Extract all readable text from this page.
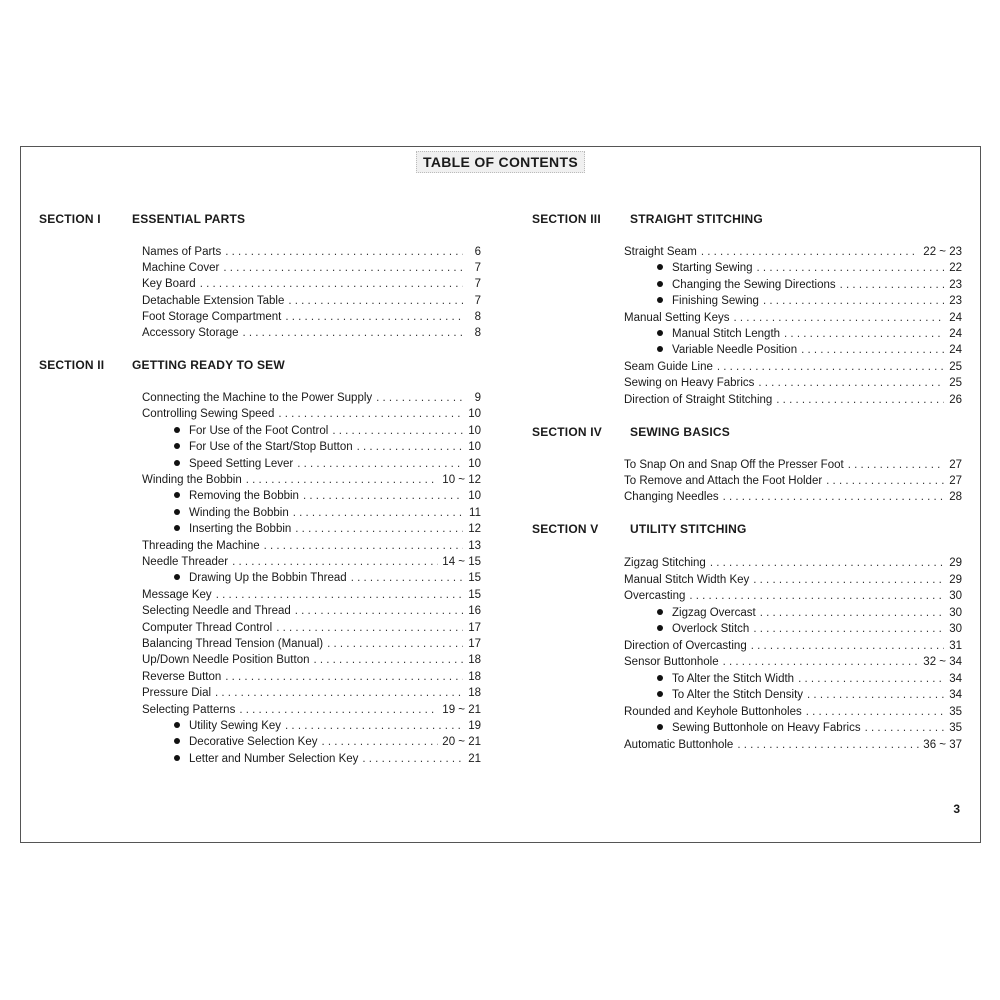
TABLE OF CONTENTS
SECTION I	ESSENTIAL PARTS
Names of Parts . . .	6
Machine Cover . . .	7
Key Board . . .	7
Detachable Extension Table . . .	7
Foot Storage Compartment . . .	8
Accessory Storage . . .	8
SECTION II GETTING READY TO SEW
Connecting the Machine to the Power Supply . . .	9
Controlling Sewing Speed . . .	10
For Use of the Foot Control . . .	10
For Use of the Start/Stop Button . . .	10
Speed Setting Lever . . .	10
Winding the Bobbin . . .	10 ~ 12
Removing the Bobbin . . .	10
Winding the Bobbin . . .	11
Inserting the Bobbin . . .	12
Threading the Machine . . .	13
Needle Threader . . .	14 ~ 15
Drawing Up the Bobbin Thread . . .	15
Message Key . . .	15
Selecting Needle and Thread . . .	16
Computer Thread Control . . .	17
Balancing Thread Tension (Manual) . . .	17
Up/Down Needle Position Button . . .	18
Reverse Button . . .	18
Pressure Dial . . .	18
Selecting Patterns . . .	19 ~ 21
Utility Sewing Key . . .	19
Decorative Selection Key . . .	20 ~ 21
Letter and Number Selection Key . . .	21
SECTION III STRAIGHT STITCHING
Straight Seam . . .	22 ~ 23
Starting Sewing . . .	22
Changing the Sewing Directions . . .	23
Finishing Sewing . . .	23
Manual Setting Keys . . .	24
Manual Stitch Length . . .	24
Variable Needle Position . . .	24
Seam Guide Line . . .	25
Sewing on Heavy Fabrics . . .	25
Direction of Straight Stitching . . .	26
SECTION IV SEWING BASICS
To Snap On and Snap Off the Presser Foot . . .	27
To Remove and Attach the Foot Holder . . .	27
Changing Needles . . .	28
SECTION V	UTILITY STITCHING
Zigzag Stitching . . .	29
Manual Stitch Width Key . . .	29
Overcasting . . .	30
Zigzag Overcast . . .	30
Overlock Stitch . . .	30
Direction of Overcasting . . .	31
Sensor Buttonhole . . .	32 ~ 34
To Alter the Stitch Width . . .	34
To Alter the Stitch Density . . .	34
Rounded and Keyhole Buttonholes . . .	35
Sewing Buttonhole on Heavy Fabrics . . .	35
Automatic Buttonhole . . .	36 ~ 37
3
